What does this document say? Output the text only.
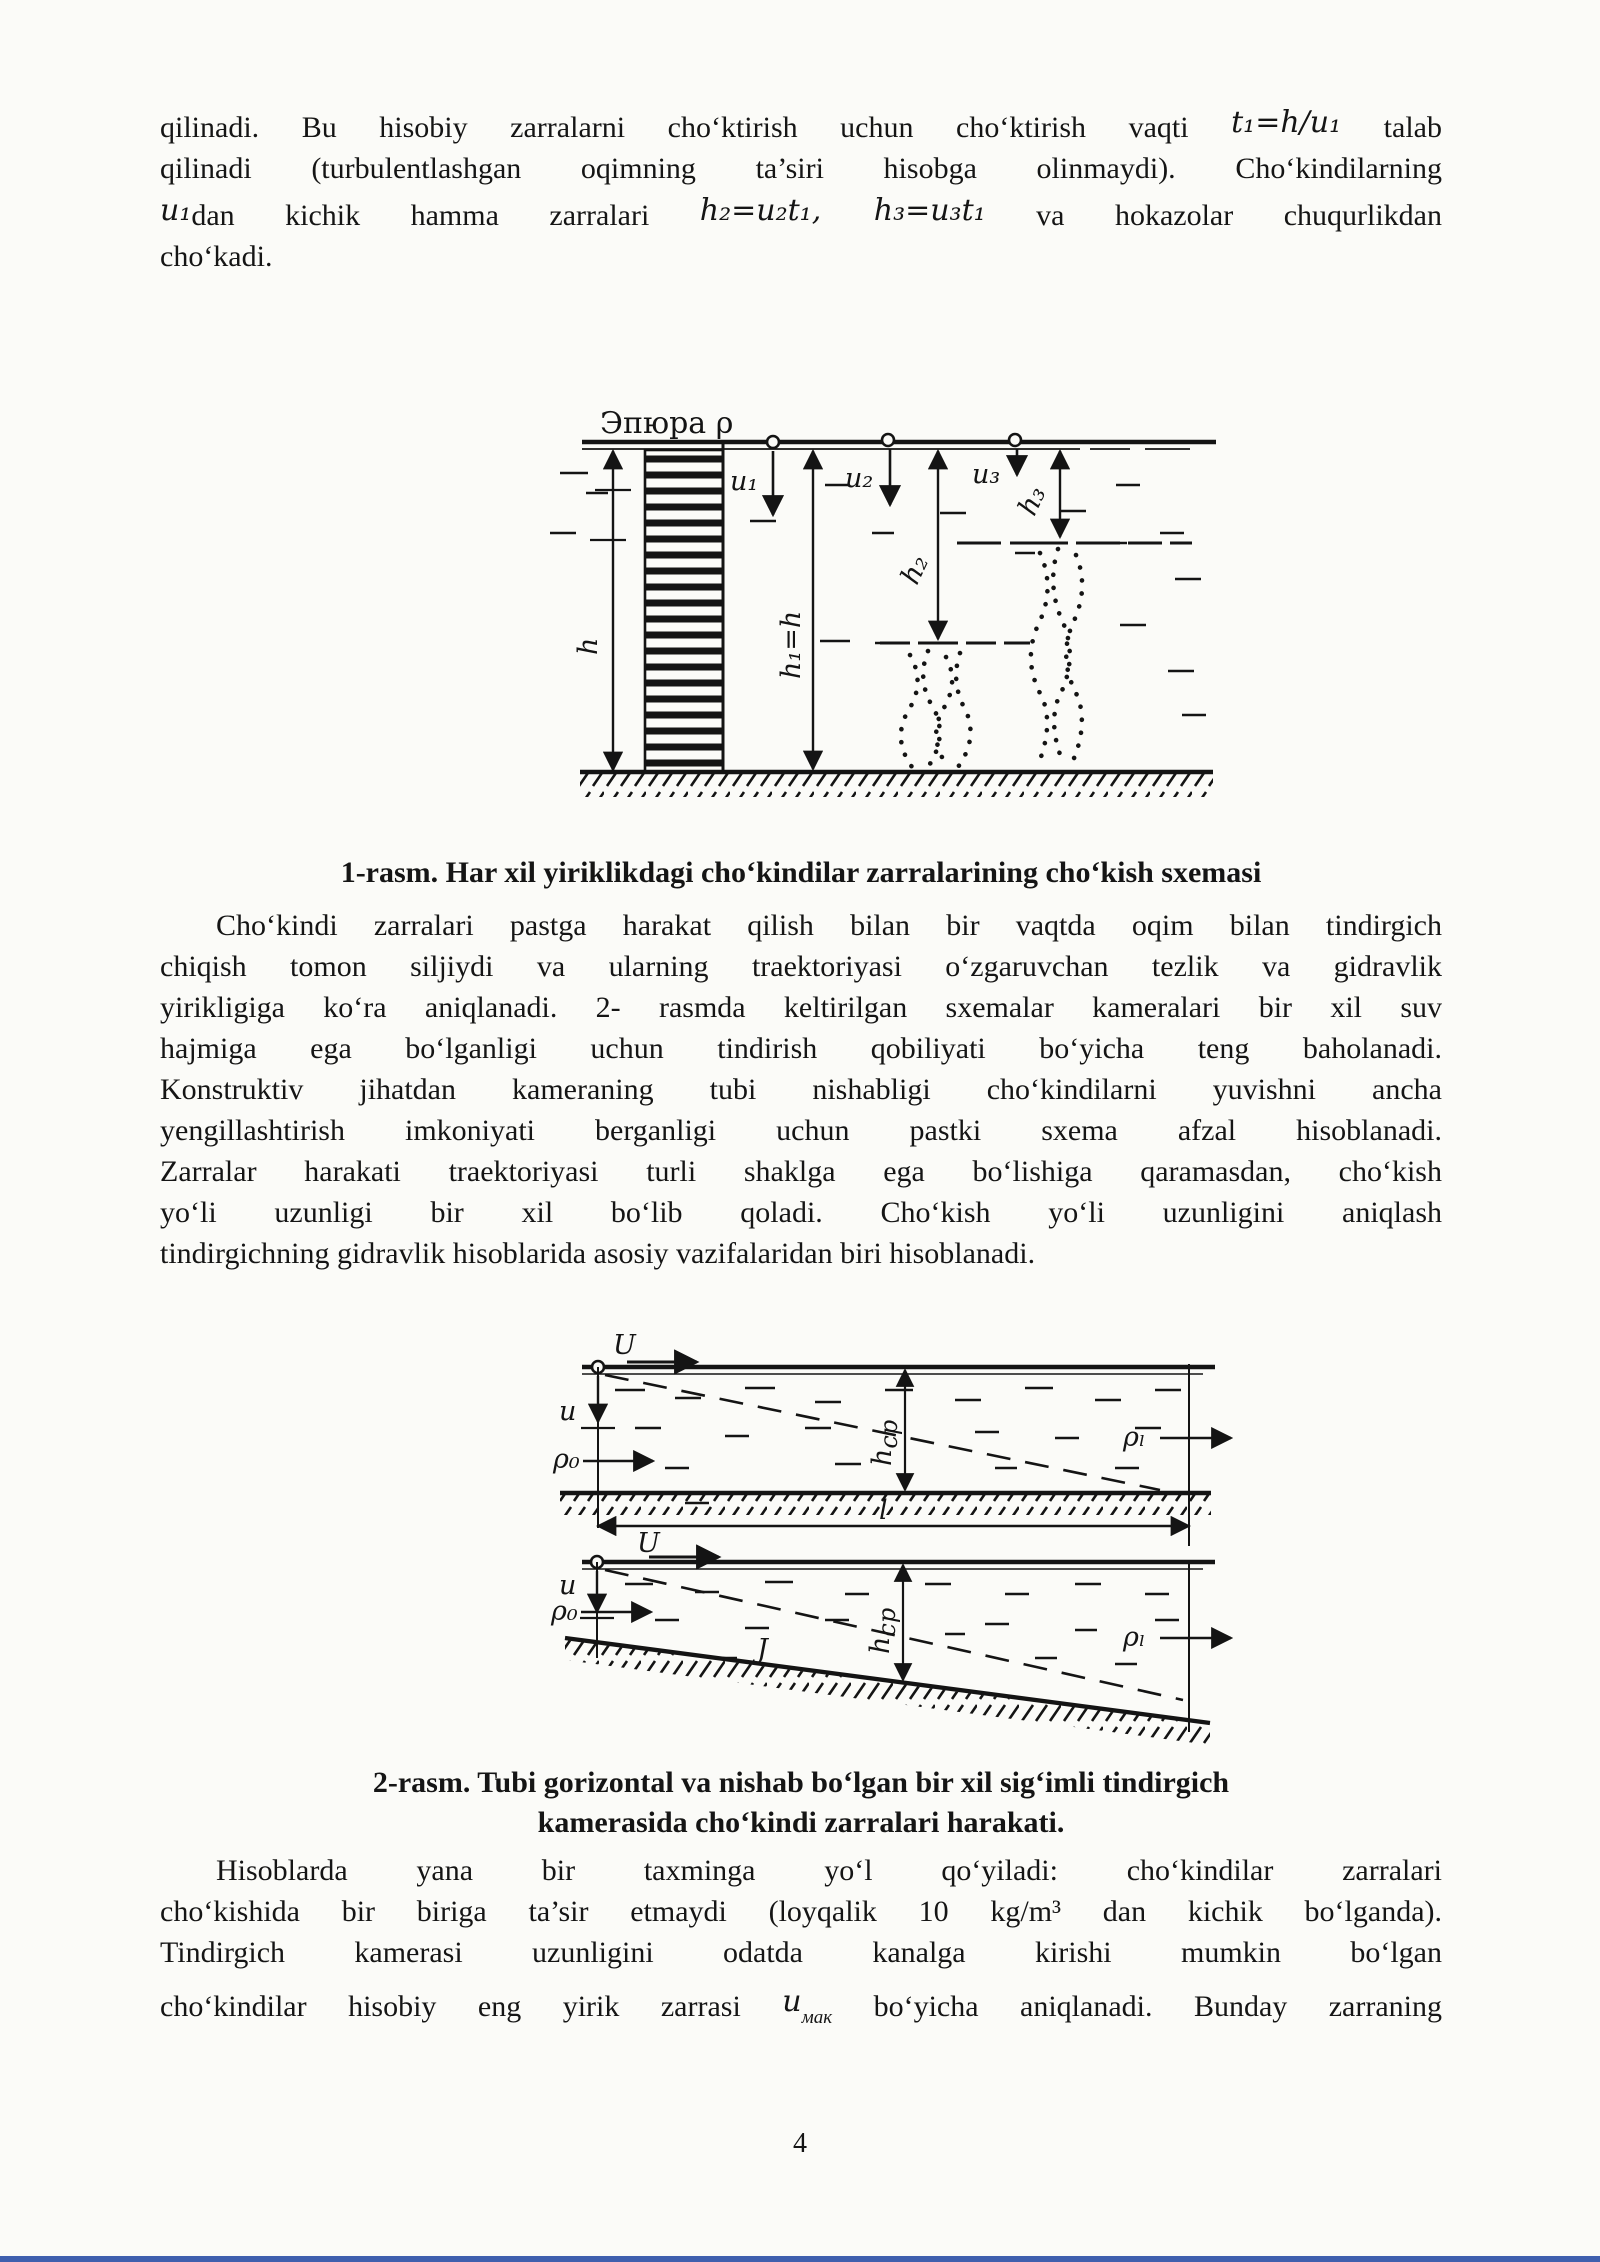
qilinadi. Bu hisobiy zarralarni choʻktirish uchun choʻktirish vaqti t₁=h/u₁ talab
qilinadi (turbulentlashgan oqimning ta’siri hisobga olinmaydi). Choʻkindilarning
u₁dan kichik hamma zarralari h₂=u₂t₁, h₃=u₃t₁ va hokazolar chuqurlikdan
choʻkadi.
Эпюра ρ
h
u₁
h₁=h
u₂
h₂
u₃
h₃
1-rasm. Har xil yiriklikdagi choʻkindilar zarralarining choʻkish sxemasi
Choʻkindi zarralari pastga harakat qilish bilan bir vaqtda oqim bilan tindirgich
chiqish tomon siljiydi va ularning traektoriyasi oʻzgaruvchan tezlik va gidravlik
yirikligiga koʻra aniqlanadi. 2- rasmda keltirilgan sxemalar kameralari bir xil suv
hajmiga ega boʻlganligi uchun tindirish qobiliyati boʻyicha teng baholanadi.
Konstruktiv jihatdan kameraning tubi nishabligi choʻkindilarni yuvishni ancha
yengillashtirish imkoniyati berganligi uchun pastki sxema afzal hisoblanadi.
Zarralar harakati traektoriyasi turli shaklga ega boʻlishiga qaramasdan, choʻkish
yoʻli uzunligi bir xil boʻlib qoladi. Choʻkish yoʻli uzunligini aniqlash
tindirgichning gidravlik hisoblarida asosiy vazifalaridan biri hisoblanadi.
U
u
ρ₀	hср	ρₗ
l
U
u
ρ₀
J	hср	ρₗ
2-rasm. Tubi gorizontal va nishab boʻlgan bir xil sigʻimli tindirgich
kamerasida choʻkindi zarralari harakati.
Hisoblarda yana bir taxminga yoʻl qoʻyiladi: choʻkindilar zarralari
choʻkishida bir biriga ta’sir etmaydi (loyqalik 10 kg/m³ dan kichik boʻlganda).
Tindirgich kamerasi uzunligini odatda kanalga kirishi mumkin boʻlgan
choʻkindilar hisobiy eng yirik zarrasi $u_{мак}$ boʻyicha aniqlanadi. Bunday zarraning
4
